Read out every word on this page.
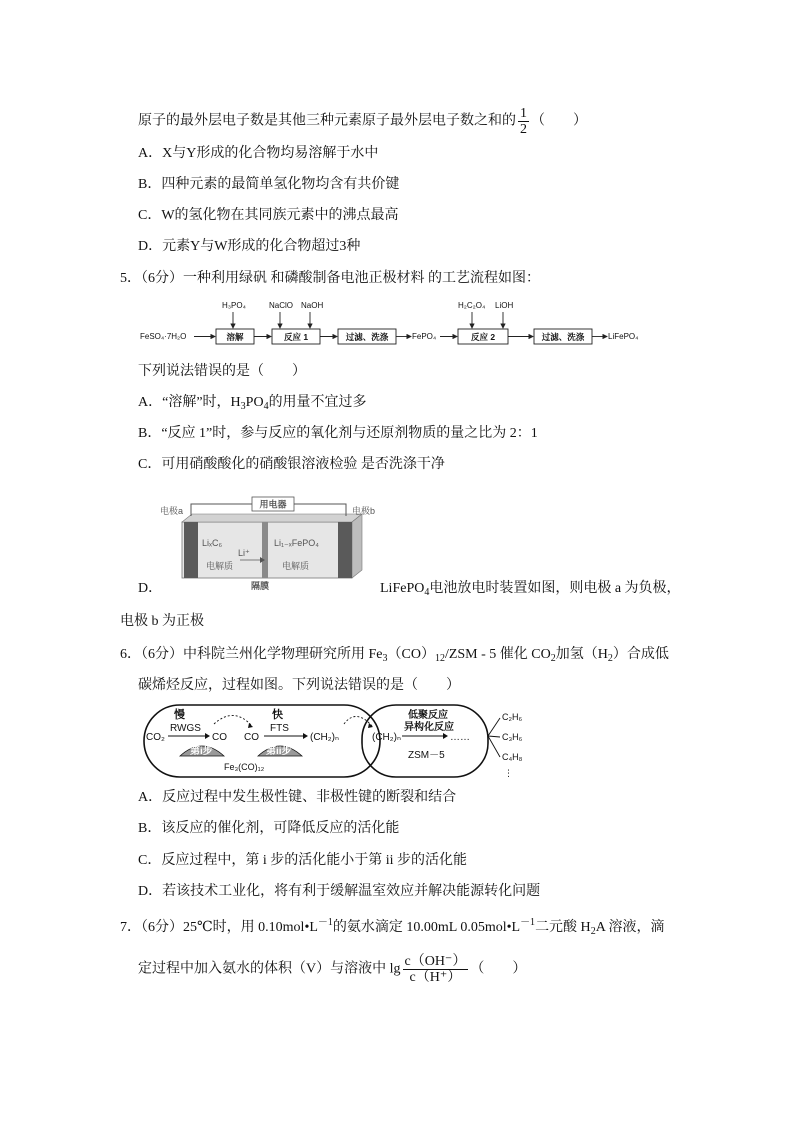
原子的最外层电子数是其他三种元素原子最外层电子数之和的 $\frac{1}{2}$ （　　）
A．X与Y形成的化合物均易溶解于水中
B．四种元素的最简单氢化物均含有共价键
C．W的氢化物在其同族元素中的沸点最高
D．元素Y与W形成的化合物超过3种
5．（6分）一种利用绿矾 和磷酸制备电池正极材料 的工艺流程如图：
FeSO₄·7H₂O
H₃PO₄	NaClO NaOH
FePO₄
H₂C₂O₄ LiOH
LiFePO₄
溶解	反应 1	过滤、洗涤	反应 2	过滤、洗涤
下列说法错误的是（　　）
A．“溶解”时，$H_3PO_4$的用量不宜过多
B．“反应 1”时，参与反应的氧化剂与还原剂物质的量之比为 2：1
C．可用硝酸酸化的硝酸银溶液检验 是否洗涤干净
用电器
电极a	电极b
LiₓC₆	Li₁₋ₓFePO₄
Li⁺
电解质	电解质
隔膜
D．	LiFePO$_4$电池放电时装置如图，则电极 a 为负极，
电极 b 为正极
6．（6分）中科院兰州化学物理研究所用 $Fe_3(CO)_{12}$/ZSM - 5 催化 $CO_2$加氢$(H_2)$合成低
碳烯烃反应，过程如图。下列说法错误的是（　　）
慢
RWGS
CO₂	CO
第i步
快
FTS
CO	(CH₂)ₙ
第ii步
Fe₃(CO)₁₂
(CH₂)ₙ
低聚反应
异构化反应
……
ZSM－5
C₂H₆
C₃H₆
C₄H₈
⋮
A．反应过程中发生极性键、非极性键的断裂和结合
B．该反应的催化剂，可降低反应的活化能
C．反应过程中，第 i 步的活化能小于第 ii 步的活化能
D．若该技术工业化，将有利于缓解温室效应并解决能源转化问题
7．（6分）25℃时，用 $0.10mol•L^{-1}$的氨水滴定 10.00mL $0.05mol•L^{-1}$二元酸 $H_2A$ 溶液，滴
定过程中加入氨水的体积（V）与溶液中 $\lg \frac{c(OH^-)}{c(H^+)}$ （　　）
